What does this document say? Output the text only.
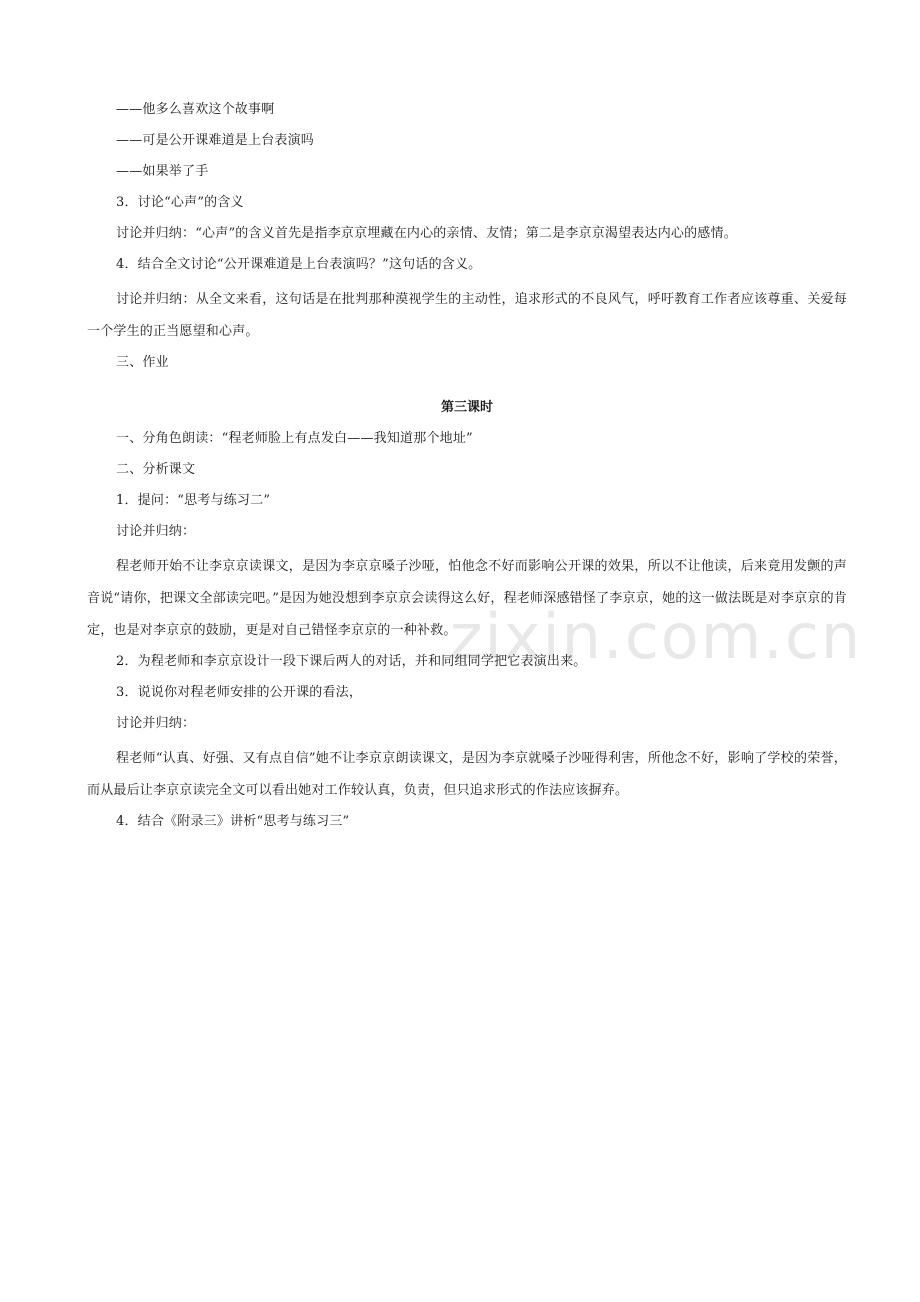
zixin.com.cn

——他多么喜欢这个故事啊

——可是公开课难道是上台表演吗

——如果举了手

3．讨论“心声”的含义

讨论并归纳：“心声”的含义首先是指李京京埋藏在内心的亲情、友情；第二是李京京渴望表达内心的感情。

4．结合全文讨论“公开课难道是上台表演吗？”这句话的含义。

讨论并归纳：从全文来看，这句话是在批判那种漠视学生的主动性，追求形式的不良风气，呼吁教育工作者应该尊重、关爱每一个学生的正当愿望和心声。

三、作业

第三课时

一、分角色朗读：“程老师脸上有点发白——我知道那个地址”

二、分析课文

1．提问：“思考与练习二”

讨论并归纳：

程老师开始不让李京京读课文，是因为李京京嗓子沙哑，怕他念不好而影响公开课的效果，所以不让他读，后来竟用发颤的声音说“请你，把课文全部读完吧。”是因为她没想到李京京会读得这么好，程老师深感错怪了李京京，她的这一做法既是对李京京的肯定，也是对李京京的鼓励，更是对自己错怪李京京的一种补救。

2．为程老师和李京京设计一段下课后两人的对话，并和同组同学把它表演出来。

3．说说你对程老师安排的公开课的看法，

讨论并归纳：

程老师“认真、好强、又有点自信”她不让李京京朗读课文，是因为李京就嗓子沙哑得利害，所他念不好，影响了学校的荣誉，而从最后让李京京读完全文可以看出她对工作较认真，负责，但只追求形式的作法应该摒弃。

4．结合《附录三》讲析“思考与练习三”
